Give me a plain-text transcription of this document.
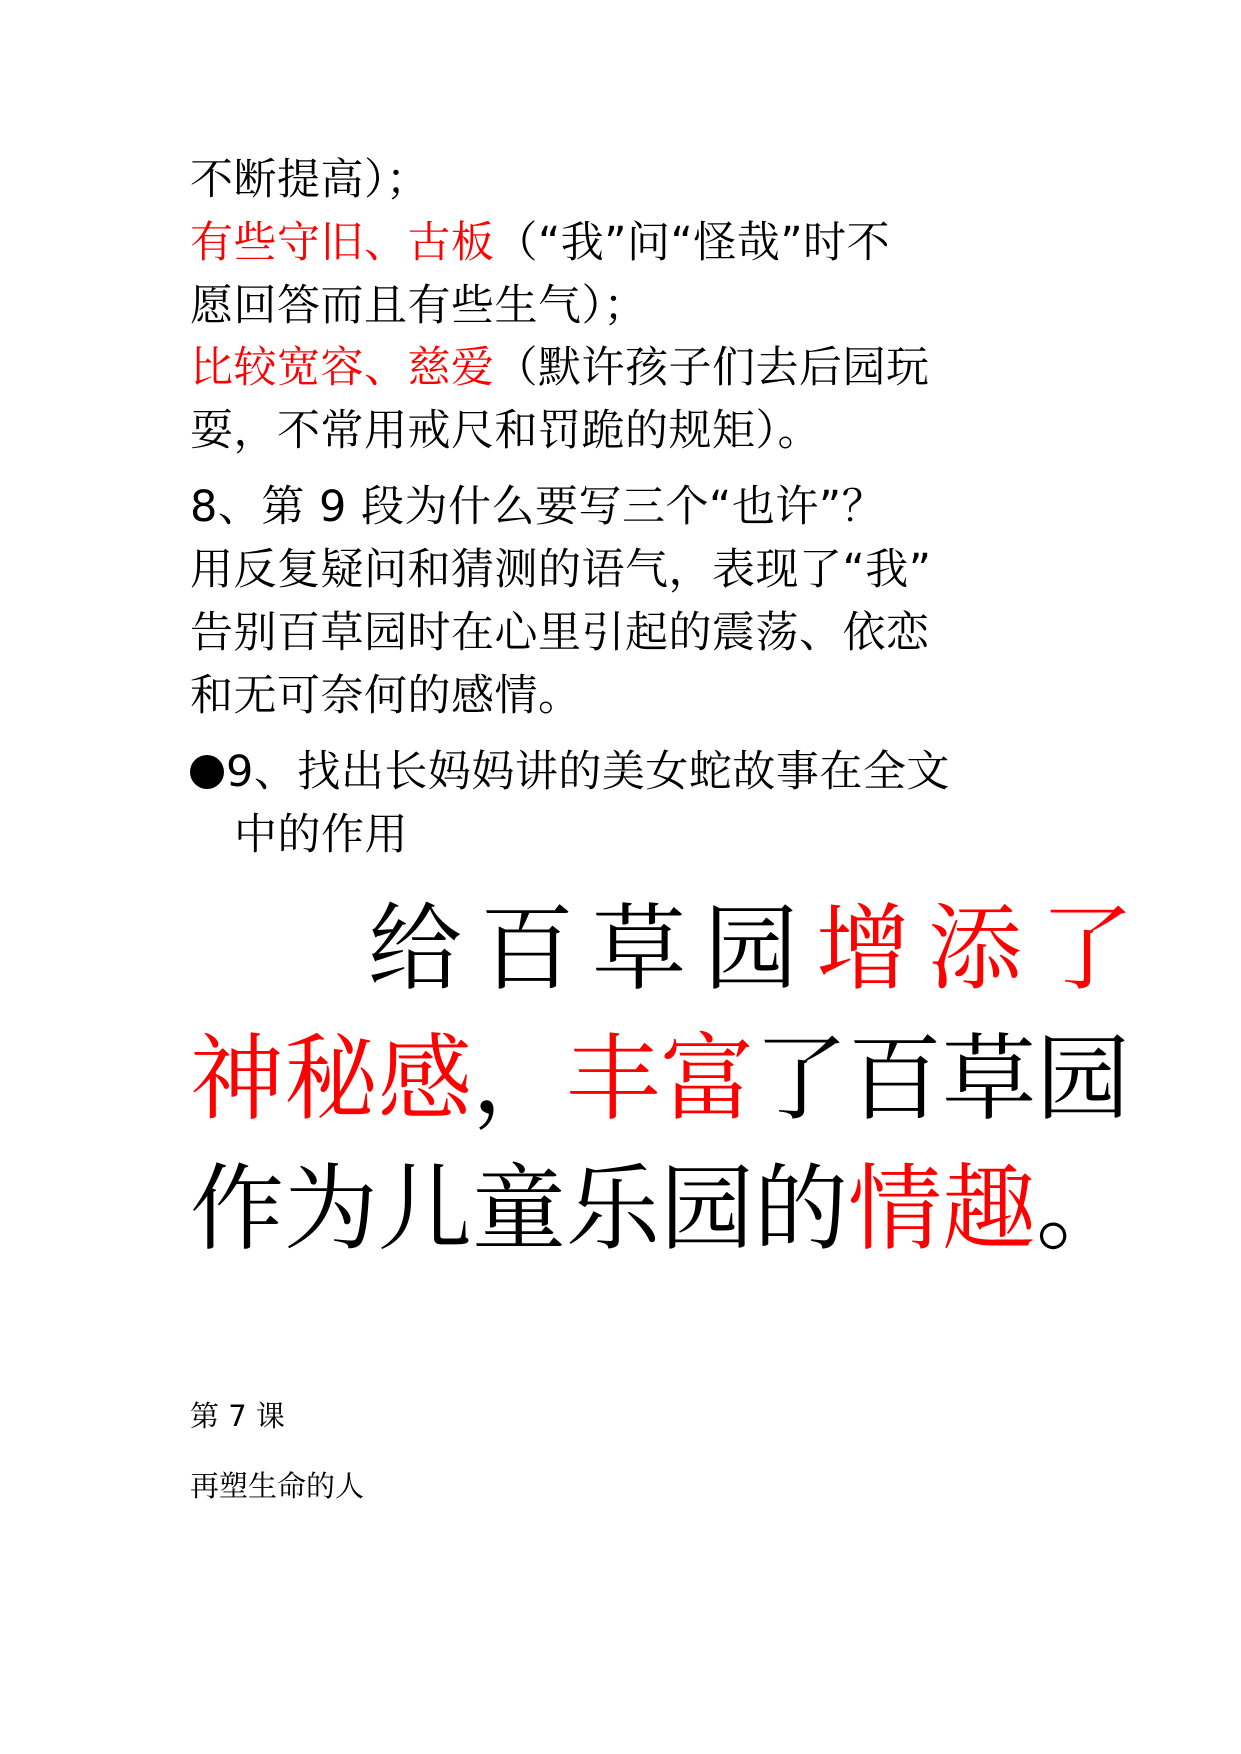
不断提高）；
有些守旧、古板（“我”问“怪哉”时不
愿回答而且有些生气）；
比较宽容、慈爱（默许孩子们去后园玩
耍，不常用戒尺和罚跪的规矩）。
8、第 9 段为什么要写三个“也许”？
用反复疑问和猜测的语气，表现了“我”
告别百草园时在心里引起的震荡、依恋
和无可奈何的感情。
9、找出长妈妈讲的美女蛇故事在全文
中的作用
给百草园增添了
神秘感，丰富了百草园
作为儿童乐园的情趣。
第 7 课
再塑生命的人
